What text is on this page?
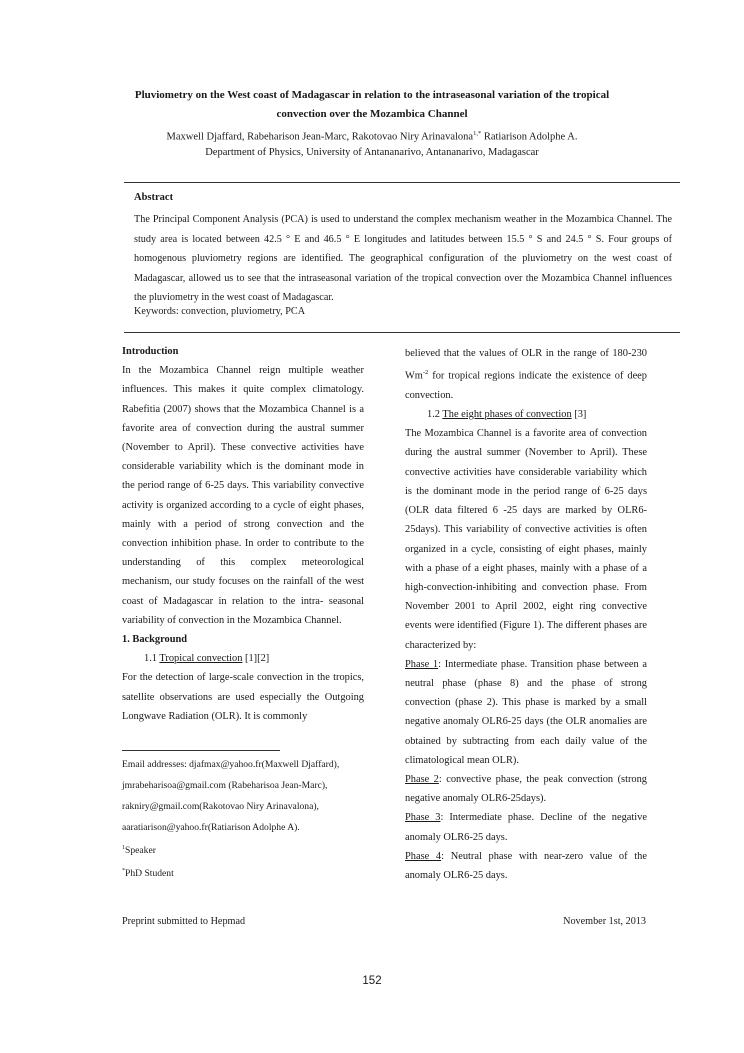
Pluviometry on the West coast of Madagascar in relation to the intraseasonal variation of the tropical
convection over the Mozambica Channel
Maxwell Djaffard, Rabeharison Jean-Marc, Rakotovao Niry Arinavalona$^{1,*}$ Ratiarison Adolphe A.
Department of Physics, University of Antananarivo, Antananarivo, Madagascar
Abstract

The Principal Component Analysis (PCA) is used to understand the complex mechanism weather in the Mozambica Channel. The study area is located between 42.5 ° E and 46.5 ° E longitudes and latitudes between 15.5 ° S and 24.5 ° S. Four groups of homogenous pluviometry regions are identified. The geographical configuration of the pluviometry on the west coast of Madagascar, allowed us to see that the intraseasonal variation of the tropical convection over the Mozambica Channel influences the pluviometry in the west coast of Madagascar.

Keywords: convection, pluviometry, PCA
Introduction

In the Mozambica Channel reign multiple weather influences. This makes it quite complex climatology. Rabefitia (2007) shows that the Mozambica Channel is a favorite area of convection during the austral summer (November to April). These convective activities have considerable variability which is the dominant mode in the period range of 6-25 days. This variability convective activity is organized according to a cycle of eight phases, mainly with a period of strong convection and the convection inhibition phase. In order to contribute to the understanding of this complex meteorological mechanism, our study focuses on the rainfall of the west coast of Madagascar in relation to the intra- seasonal variability of convection in the Mozambica Channel.

1. Background
1.1 Tropical convection [1][2]

For the detection of large-scale convection in the tropics, satellite observations are used especially the Outgoing Longwave Radiation (OLR). It is commonly

believed that the values of OLR in the range of 180-230 $Wm^{-2}$ for tropical regions indicate the existence of deep convection.

1.2 The eight phases of convection [3]

The Mozambica Channel is a favorite area of convection during the austral summer (November to April). These convective activities have considerable variability which is the dominant mode in the period range of 6-25 days (OLR data filtered 6 -25 days are marked by OLR6-25days). This variability of convective activities is often organized in a cycle, consisting of eight phases, mainly with a phase of a eight phases, mainly with a phase of a high-convection-inhibiting and convection phase. From November 2001 to April 2002, eight ring convective events were identified (Figure 1). The different phases are characterized by:

Phase 1: Intermediate phase. Transition phase between a neutral phase (phase 8) and the phase of strong convection (phase 2). This phase is marked by a small negative anomaly OLR6-25 days (the OLR anomalies are obtained by subtracting from each daily value of the climatological mean OLR).

Phase 2: convective phase, the peak convection (strong negative anomaly OLR6-25days).

Phase 3: Intermediate phase. Decline of the negative anomaly OLR6-25 days.

Phase 4: Neutral phase with near-zero value of the anomaly OLR6-25 days.

Email addresses: djafmax@yahoo.fr(Maxwell Djaffard), jmrabeharisoa@gmail.com (Rabeharisoa Jean-Marc), rakniry@gmail.com(Rakotovao Niry Arinavalona), aaratiarison@yahoo.fr(Ratiarison Adolphe A).

$^1$Speaker

*PhD Student

Preprint submitted to Hepmad	November 1st, 2013
152
